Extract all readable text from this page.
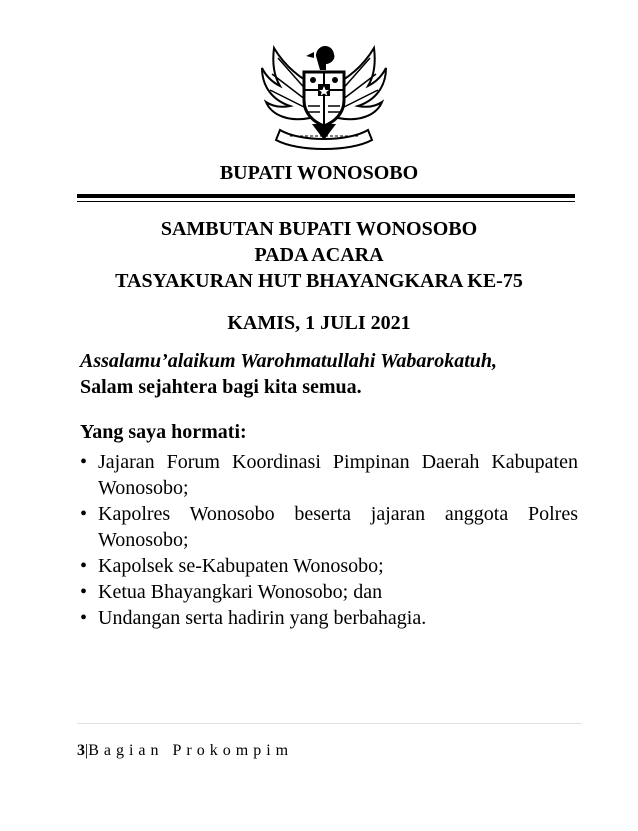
BUPATI WONOSOBO
SAMBUTAN BUPATI WONOSOBO
PADA ACARA
TASYAKURAN HUT BHAYANGKARA KE-75
KAMIS, 1 JULI 2021
Assalamu’alaikum Warohmatullahi Wabarokatuh,
Salam sejahtera bagi kita semua.
Yang saya hormati:
• Jajaran Forum Koordinasi Pimpinan Daerah Kabupaten Wonosobo;
• Kapolres Wonosobo beserta jajaran anggota Polres Wonosobo;
• Kapolsek se-Kabupaten Wonosobo;
• Ketua Bhayangkari Wonosobo; dan
• Undangan serta hadirin yang berbahagia.
3|Bagian Prokompim
